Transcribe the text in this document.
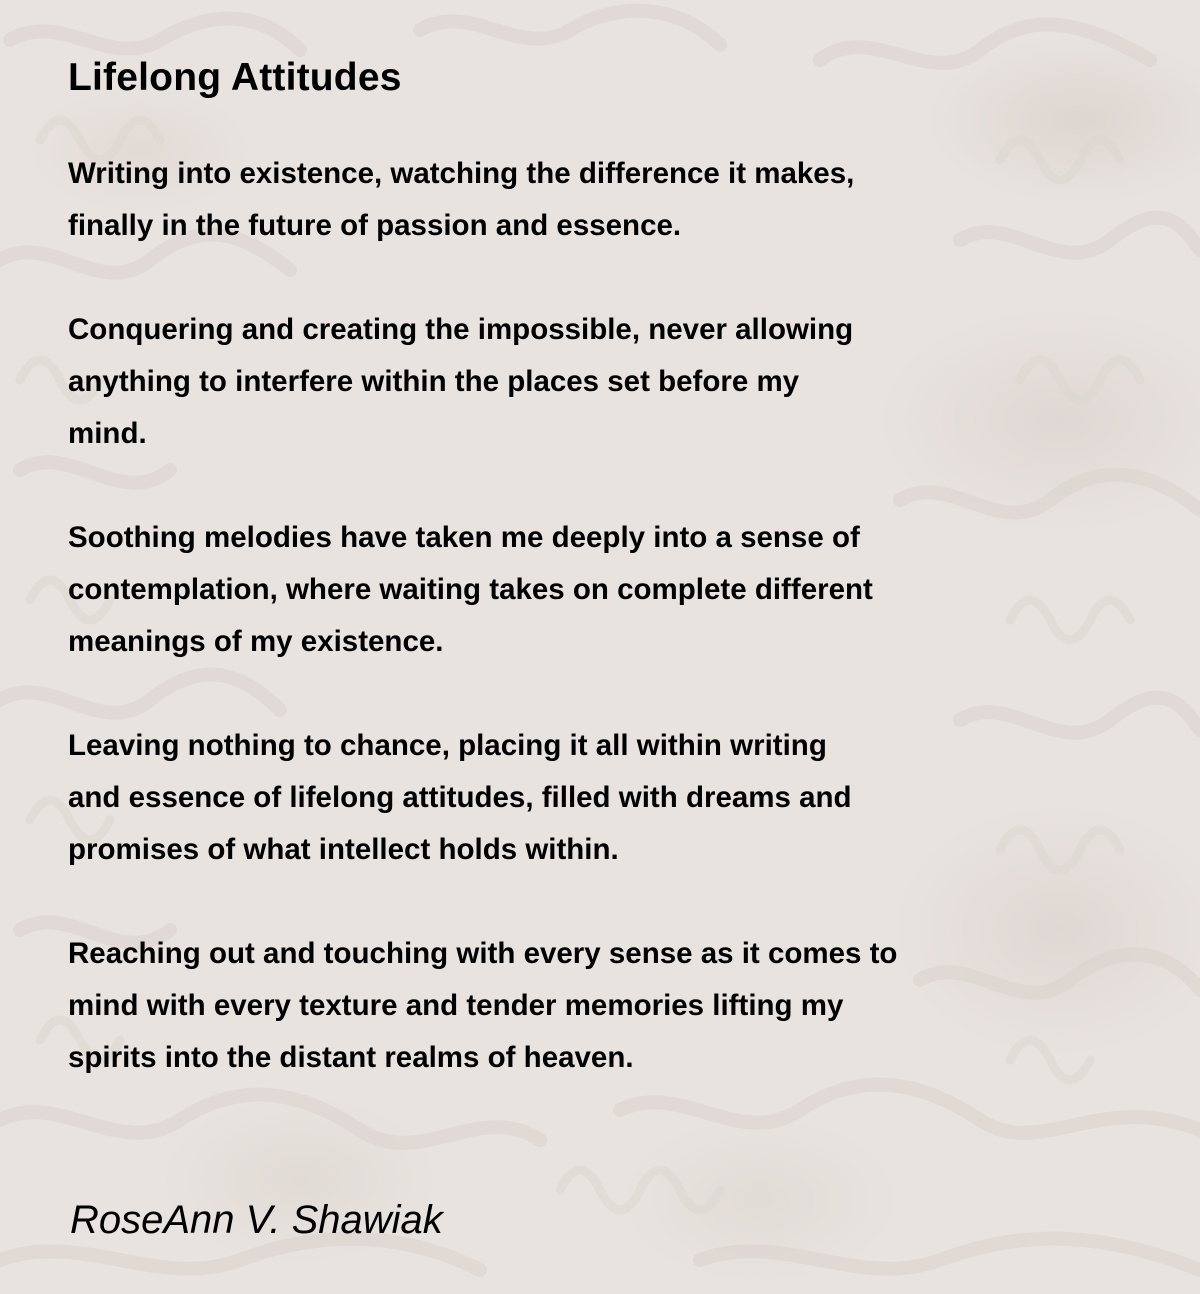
Lifelong Attitudes

Writing into existence, watching the difference it makes,
finally in the future of passion and essence.

Conquering and creating the impossible, never allowing
anything to interfere within the places set before my
mind.

Soothing melodies have taken me deeply into a sense of
contemplation, where waiting takes on complete different
meanings of my existence.

Leaving nothing to chance, placing it all within writing
and essence of lifelong attitudes, filled with dreams and
promises of what intellect holds within.

Reaching out and touching with every sense as it comes to
mind with every texture and tender memories lifting my
spirits into the distant realms of heaven.

RoseAnn V. Shawiak
